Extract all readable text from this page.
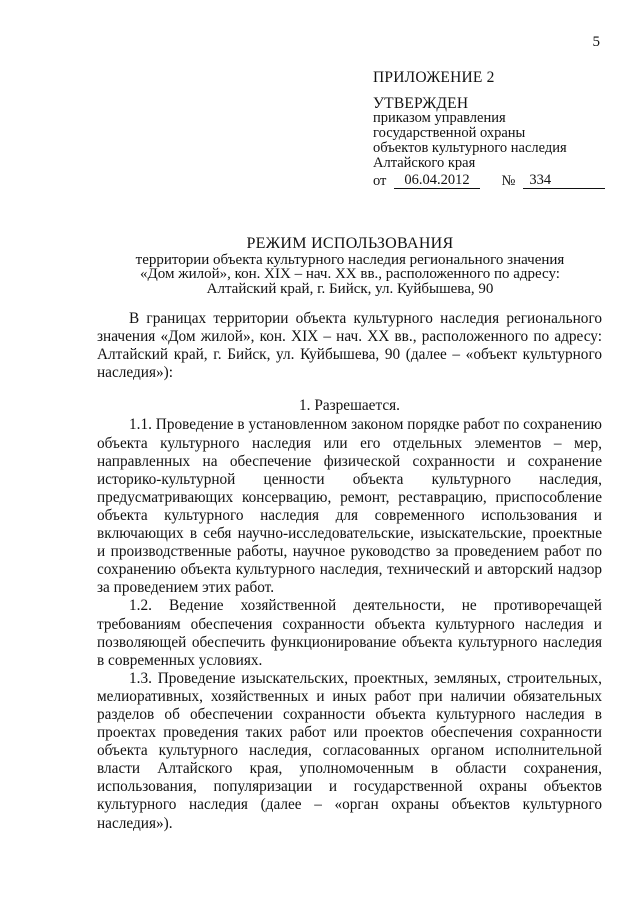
5
ПРИЛОЖЕНИЕ 2
УТВЕРЖДЕН
приказом управления
государственной охраны
объектов культурного наследия
Алтайского края
от	06.04.2012	№ 334
РЕЖИМ ИСПОЛЬЗОВАНИЯ
территории объекта культурного наследия регионального значения
«Дом жилой», кон. XIX – нач. XX вв., расположенного по адресу:
Алтайский край, г. Бийск, ул. Куйбышева, 90

В границах территории объекта культурного наследия регионального значения «Дом жилой», кон. XIX – нач. XX вв., расположенного по адресу: Алтайский край, г. Бийск, ул. Куйбышева, 90 (далее – «объект культурного наследия»):

1. Разрешается.

1.1. Проведение в установленном законом порядке работ по сохранению объекта культурного наследия или его отдельных элементов – мер, направленных на обеспечение физической сохранности и сохранение историко-культурной ценности объекта культурного наследия, предусматривающих консервацию, ремонт, реставрацию, приспособление объекта культурного наследия для современного использования и включающих в себя научно-исследовательские, изыскательские, проектные и производственные работы, научное руководство за проведением работ по сохранению объекта культурного наследия, технический и авторский надзор за проведением этих работ.

1.2. Ведение хозяйственной деятельности, не противоречащей требованиям обеспечения сохранности объекта культурного наследия и позволяющей обеспечить функционирование объекта культурного наследия в современных условиях.

1.3. Проведение изыскательских, проектных, земляных, строительных, мелиоративных, хозяйственных и иных работ при наличии обязательных разделов об обеспечении сохранности объекта культурного наследия в проектах проведения таких работ или проектов обеспечения сохранности объекта культурного наследия, согласованных органом исполнительной власти Алтайского края, уполномоченным в области сохранения, использования, популяризации и государственной охраны объектов культурного наследия (далее – «орган охраны объектов культурного наследия»).
